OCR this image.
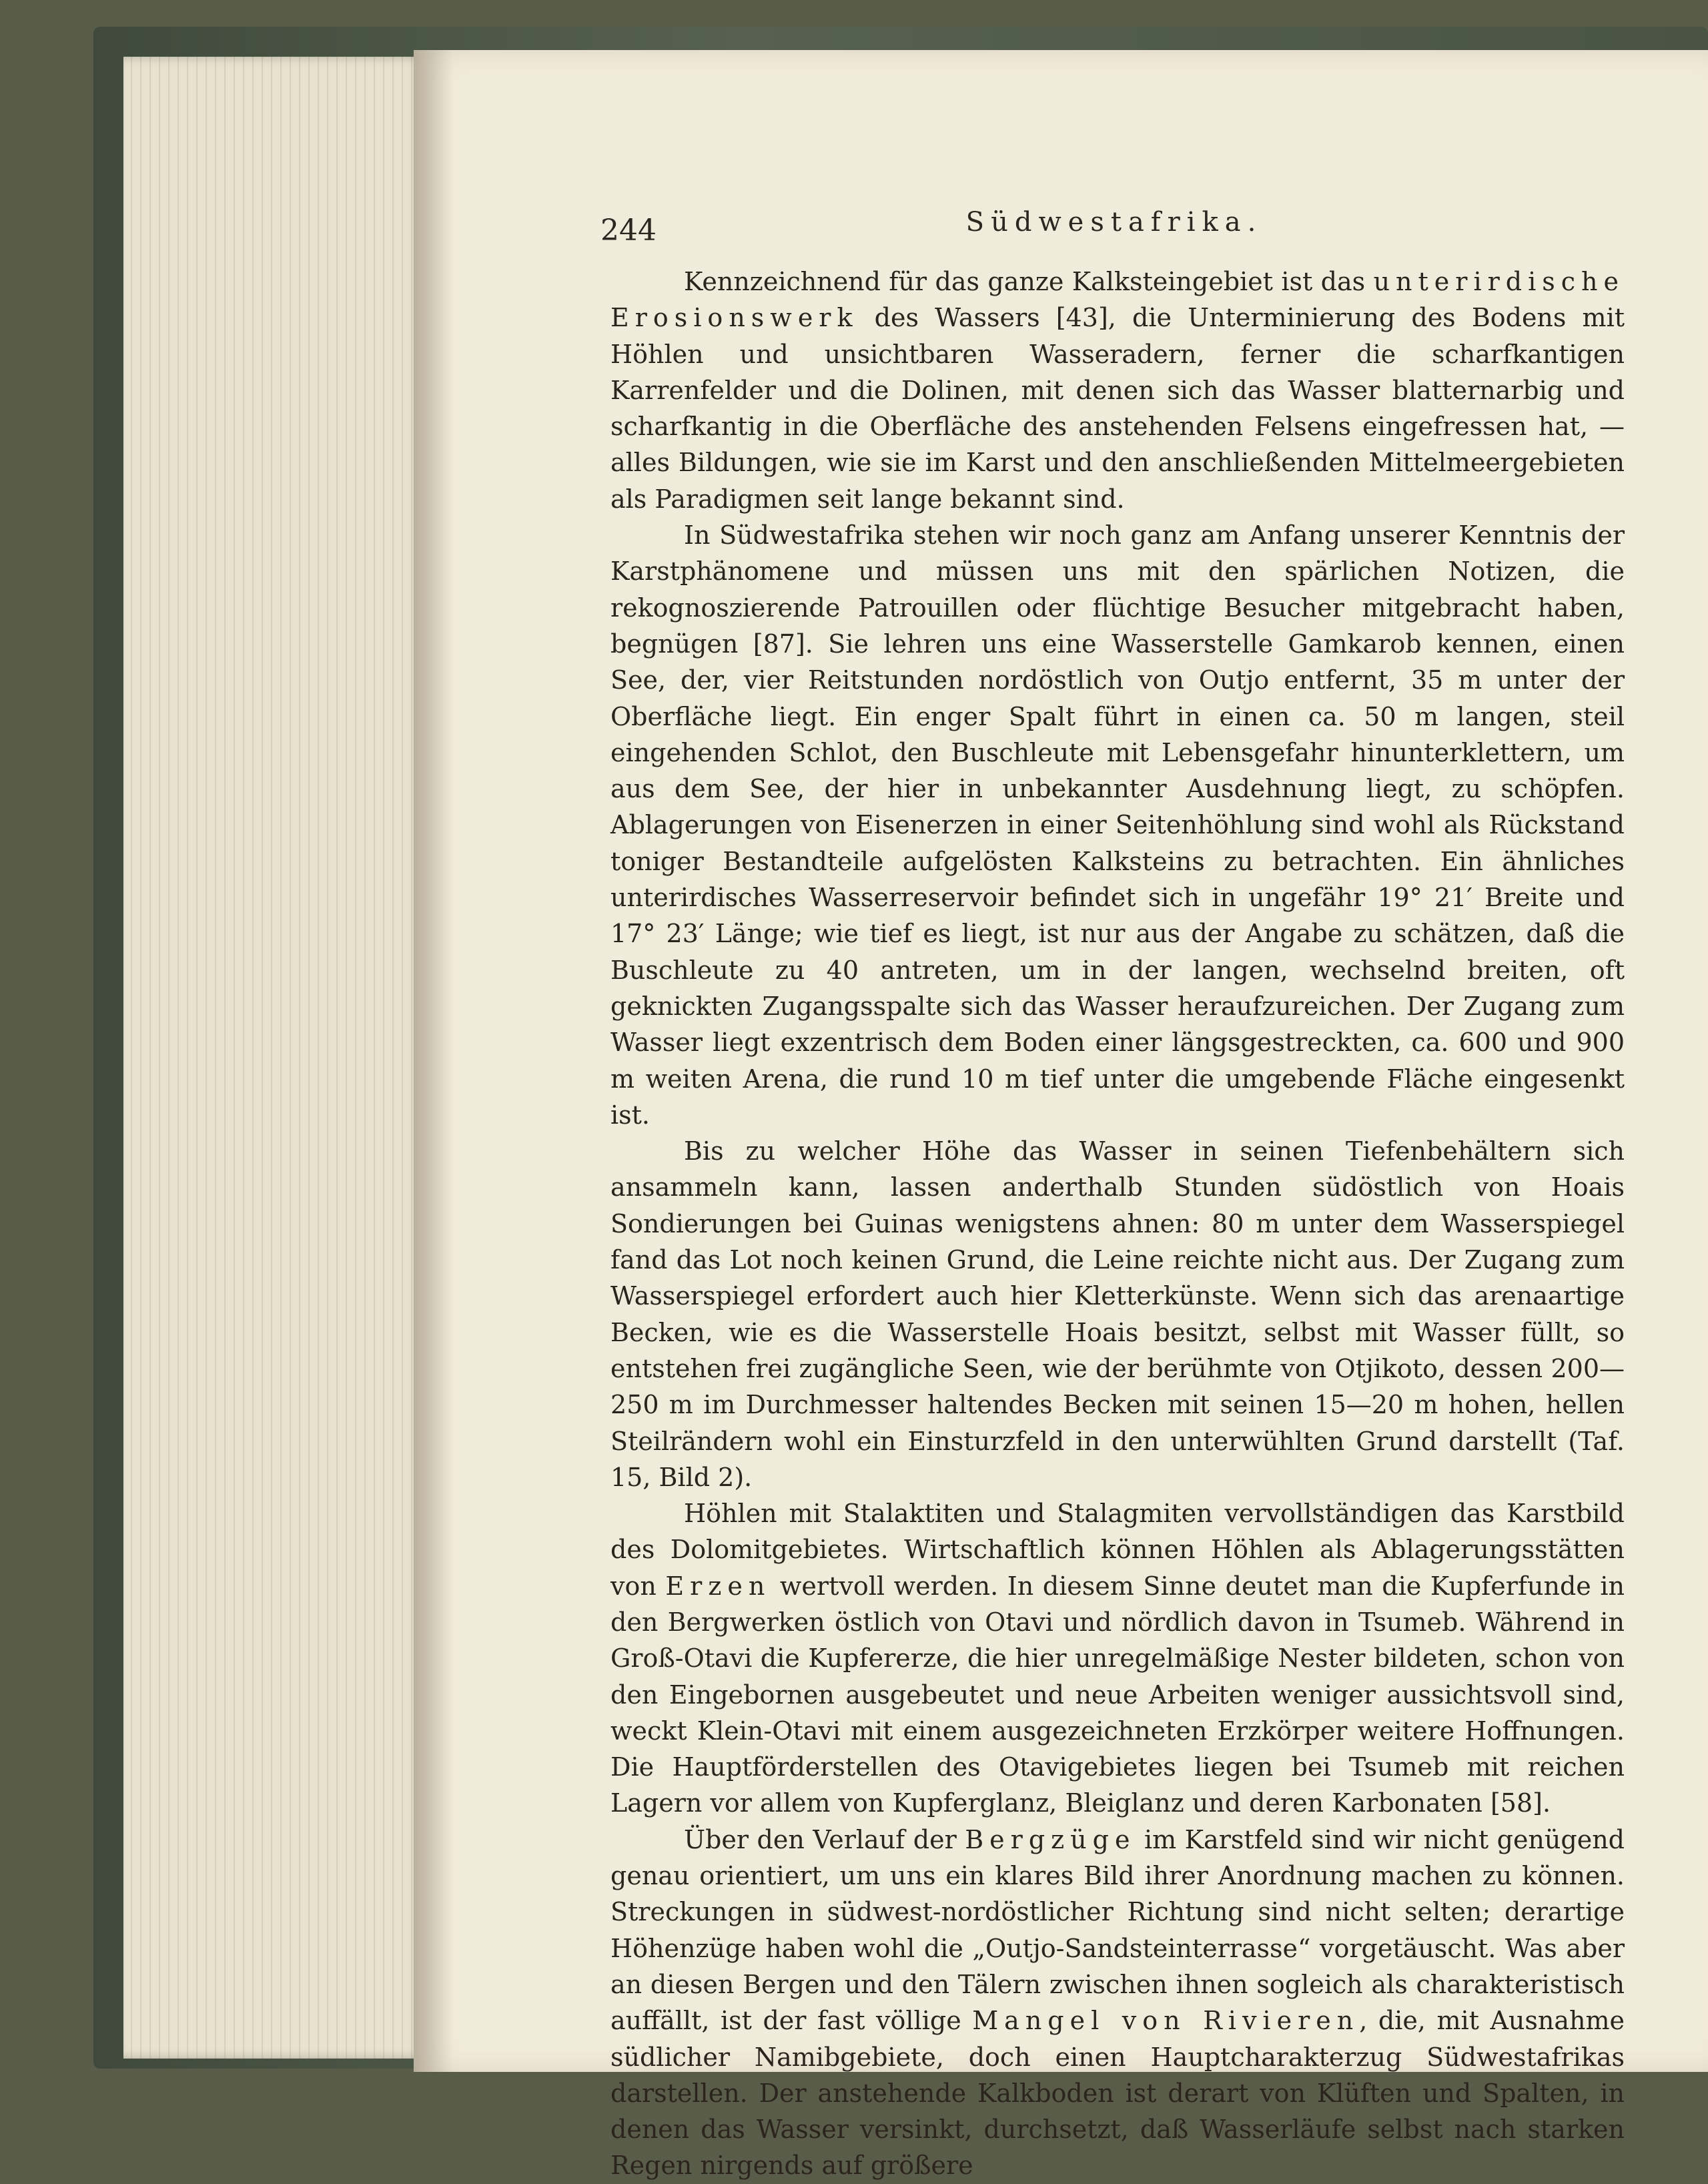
244	Südwestafrika.

Kennzeichnend für das ganze Kalksteingebiet ist das unterirdische Erosionswerk des Wassers [43], die Unterminierung des Bodens mit Höhlen und unsichtbaren Wasseradern, ferner die scharfkantigen Karrenfelder und die Dolinen, mit denen sich das Wasser blatternarbig und scharfkantig in die Oberfläche des anstehenden Felsens eingefressen hat, — alles Bildungen, wie sie im Karst und den anschließenden Mittelmeergebieten als Paradigmen seit lange bekannt sind.

In Südwestafrika stehen wir noch ganz am Anfang unserer Kenntnis der Karstphänomene und müssen uns mit den spärlichen Notizen, die rekognoszierende Patrouillen oder flüchtige Besucher mitgebracht haben, begnügen [87]. Sie lehren uns eine Wasserstelle Gamkarob kennen, einen See, der, vier Reitstunden nordöstlich von Outjo entfernt, 35 m unter der Oberfläche liegt. Ein enger Spalt führt in einen ca. 50 m langen, steil eingehenden Schlot, den Buschleute mit Lebensgefahr hinunterklettern, um aus dem See, der hier in unbekannter Ausdehnung liegt, zu schöpfen. Ablagerungen von Eisenerzen in einer Seitenhöhlung sind wohl als Rückstand toniger Bestandteile aufgelösten Kalksteins zu betrachten. Ein ähnliches unterirdisches Wasserreservoir befindet sich in ungefähr 19° 21′ Breite und 17° 23′ Länge; wie tief es liegt, ist nur aus der Angabe zu schätzen, daß die Buschleute zu 40 antreten, um in der langen, wechselnd breiten, oft geknickten Zugangsspalte sich das Wasser heraufzureichen. Der Zugang zum Wasser liegt exzentrisch dem Boden einer längsgestreckten, ca. 600 und 900 m weiten Arena, die rund 10 m tief unter die umgebende Fläche eingesenkt ist.

Bis zu welcher Höhe das Wasser in seinen Tiefenbehältern sich ansammeln kann, lassen anderthalb Stunden südöstlich von Hoais Sondierungen bei Guinas wenigstens ahnen: 80 m unter dem Wasserspiegel fand das Lot noch keinen Grund, die Leine reichte nicht aus. Der Zugang zum Wasserspiegel erfordert auch hier Kletterkünste. Wenn sich das arenaartige Becken, wie es die Wasserstelle Hoais besitzt, selbst mit Wasser füllt, so entstehen frei zugängliche Seen, wie der berühmte von Otjikoto, dessen 200—250 m im Durchmesser haltendes Becken mit seinen 15—20 m hohen, hellen Steilrändern wohl ein Einsturzfeld in den unterwühlten Grund darstellt (Taf. 15, Bild 2).

Höhlen mit Stalaktiten und Stalagmiten vervollständigen das Karstbild des Dolomitgebietes. Wirtschaftlich können Höhlen als Ablagerungsstätten von Erzen wertvoll werden. In diesem Sinne deutet man die Kupferfunde in den Bergwerken östlich von Otavi und nördlich davon in Tsumeb. Während in Groß-Otavi die Kupfererze, die hier unregelmäßige Nester bildeten, schon von den Eingebornen ausgebeutet und neue Arbeiten weniger aussichtsvoll sind, weckt Klein-Otavi mit einem ausgezeichneten Erzkörper weitere Hoffnungen. Die Hauptförderstellen des Otavigebietes liegen bei Tsumeb mit reichen Lagern vor allem von Kupferglanz, Bleiglanz und deren Karbonaten [58].

Über den Verlauf der Bergzüge im Karstfeld sind wir nicht genügend genau orientiert, um uns ein klares Bild ihrer Anordnung machen zu können. Streckungen in südwest-nordöstlicher Richtung sind nicht selten; derartige Höhenzüge haben wohl die „Outjo-Sandsteinterrasse“ vorgetäuscht. Was aber an diesen Bergen und den Tälern zwischen ihnen sogleich als charakteristisch auffällt, ist der fast völlige Mangel von Rivieren, die, mit Ausnahme südlicher Namibgebiete, doch einen Hauptcharakterzug Südwestafrikas darstellen. Der anstehende Kalkboden ist derart von Klüften und Spalten, in denen das Wasser versinkt, durchsetzt, daß Wasserläufe selbst nach starken Regen nirgends auf größere
